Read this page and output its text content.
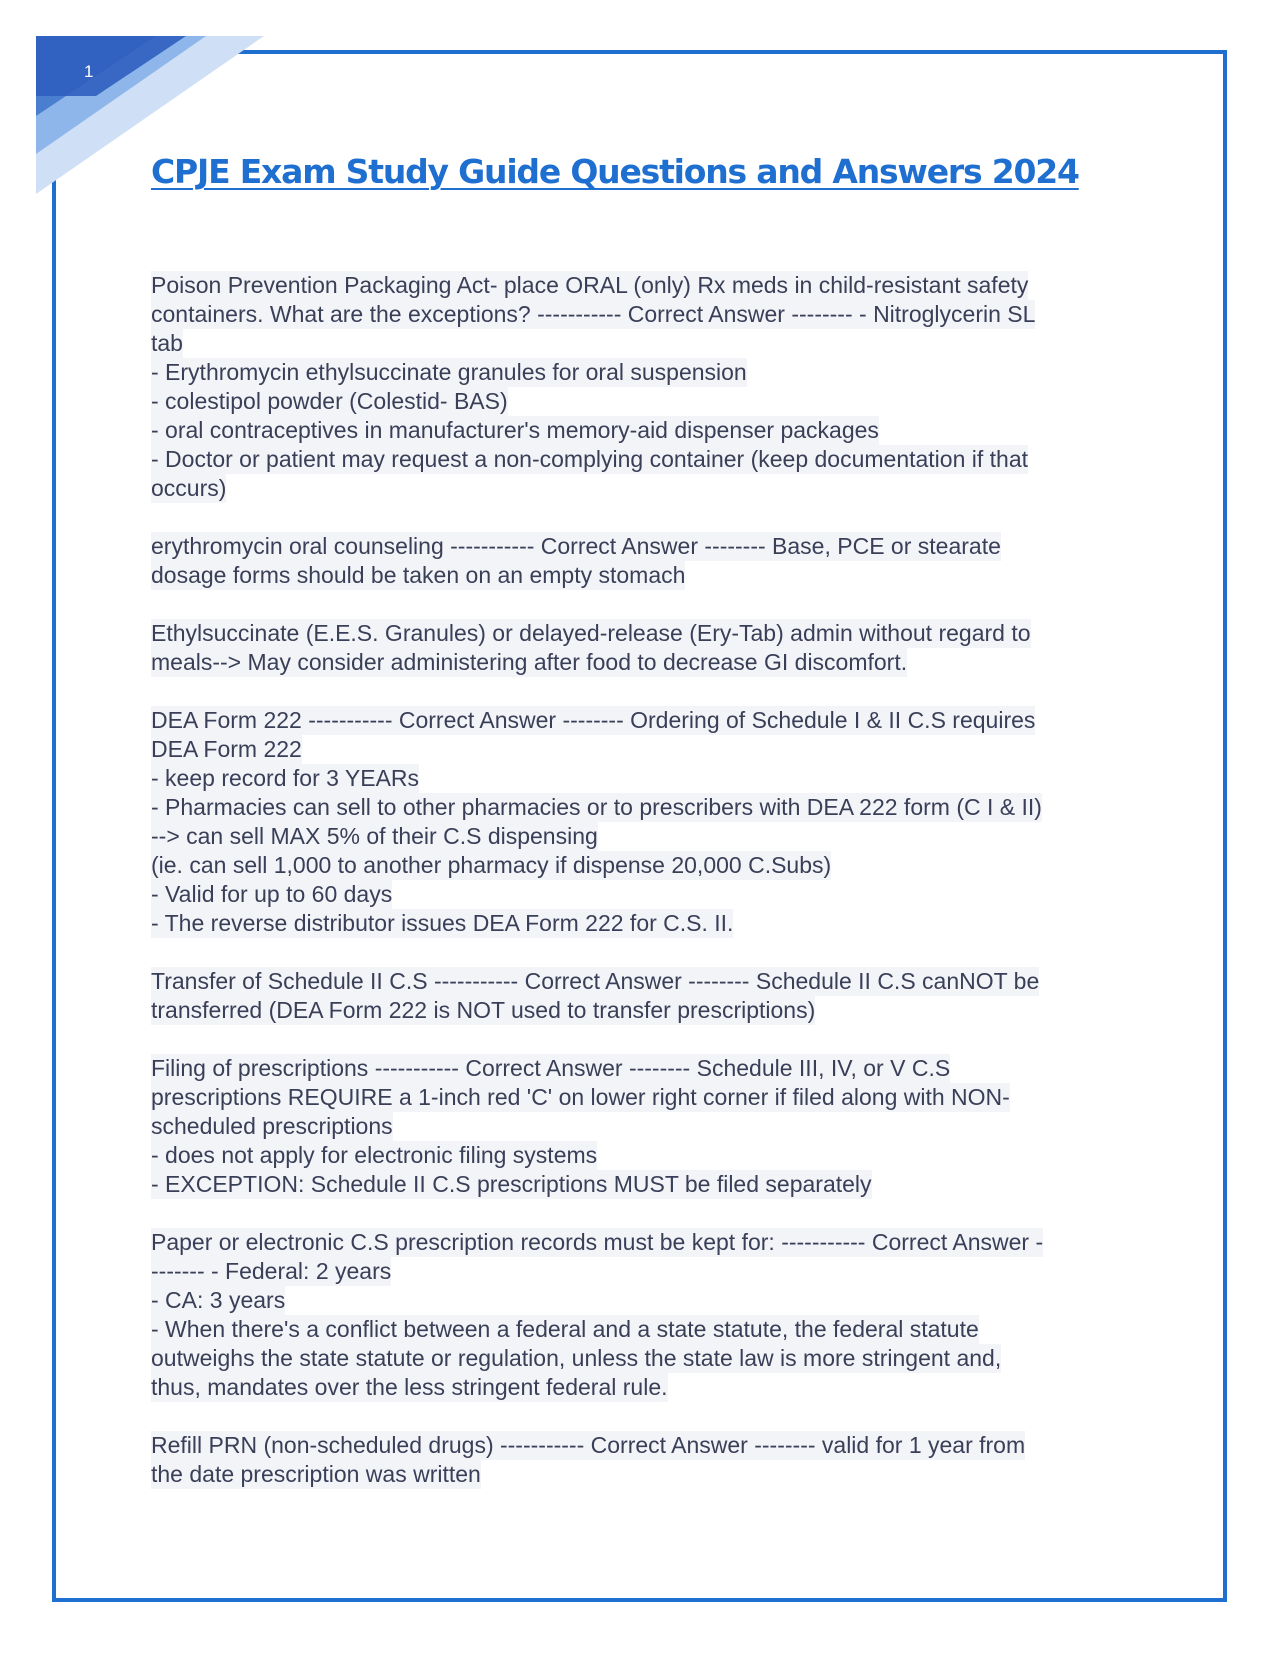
1
CPJE Exam Study Guide Questions and Answers 2024
Poison Prevention Packaging Act- place ORAL (only) Rx meds in child-resistant safety
containers. What are the exceptions? ----------- Correct Answer -------- - Nitroglycerin SL
tab
- Erythromycin ethylsuccinate granules for oral suspension
- colestipol powder (Colestid- BAS)
- oral contraceptives in manufacturer's memory-aid dispenser packages
- Doctor or patient may request a non-complying container (keep documentation if that
occurs)
erythromycin oral counseling ----------- Correct Answer -------- Base, PCE or stearate
dosage forms should be taken on an empty stomach
Ethylsuccinate (E.E.S. Granules) or delayed-release (Ery-Tab) admin without regard to
meals--> May consider administering after food to decrease GI discomfort.
DEA Form 222 ----------- Correct Answer -------- Ordering of Schedule I & II C.S requires
DEA Form 222
- keep record for 3 YEARs
- Pharmacies can sell to other pharmacies or to prescribers with DEA 222 form (C I & II)
--> can sell MAX 5% of their C.S dispensing
(ie. can sell 1,000 to another pharmacy if dispense 20,000 C.Subs)
- Valid for up to 60 days
- The reverse distributor issues DEA Form 222 for C.S. II.
Transfer of Schedule II C.S ----------- Correct Answer -------- Schedule II C.S canNOT be
transferred (DEA Form 222 is NOT used to transfer prescriptions)
Filing of prescriptions ----------- Correct Answer -------- Schedule III, IV, or V C.S
prescriptions REQUIRE a 1-inch red 'C' on lower right corner if filed along with NON-
scheduled prescriptions
- does not apply for electronic filing systems
- EXCEPTION: Schedule II C.S prescriptions MUST be filed separately
Paper or electronic C.S prescription records must be kept for: ----------- Correct Answer -
------- - Federal: 2 years
- CA: 3 years
- When there's a conflict between a federal and a state statute, the federal statute
outweighs the state statute or regulation, unless the state law is more stringent and,
thus, mandates over the less stringent federal rule.
Refill PRN (non-scheduled drugs) ----------- Correct Answer -------- valid for 1 year from
the date prescription was written
